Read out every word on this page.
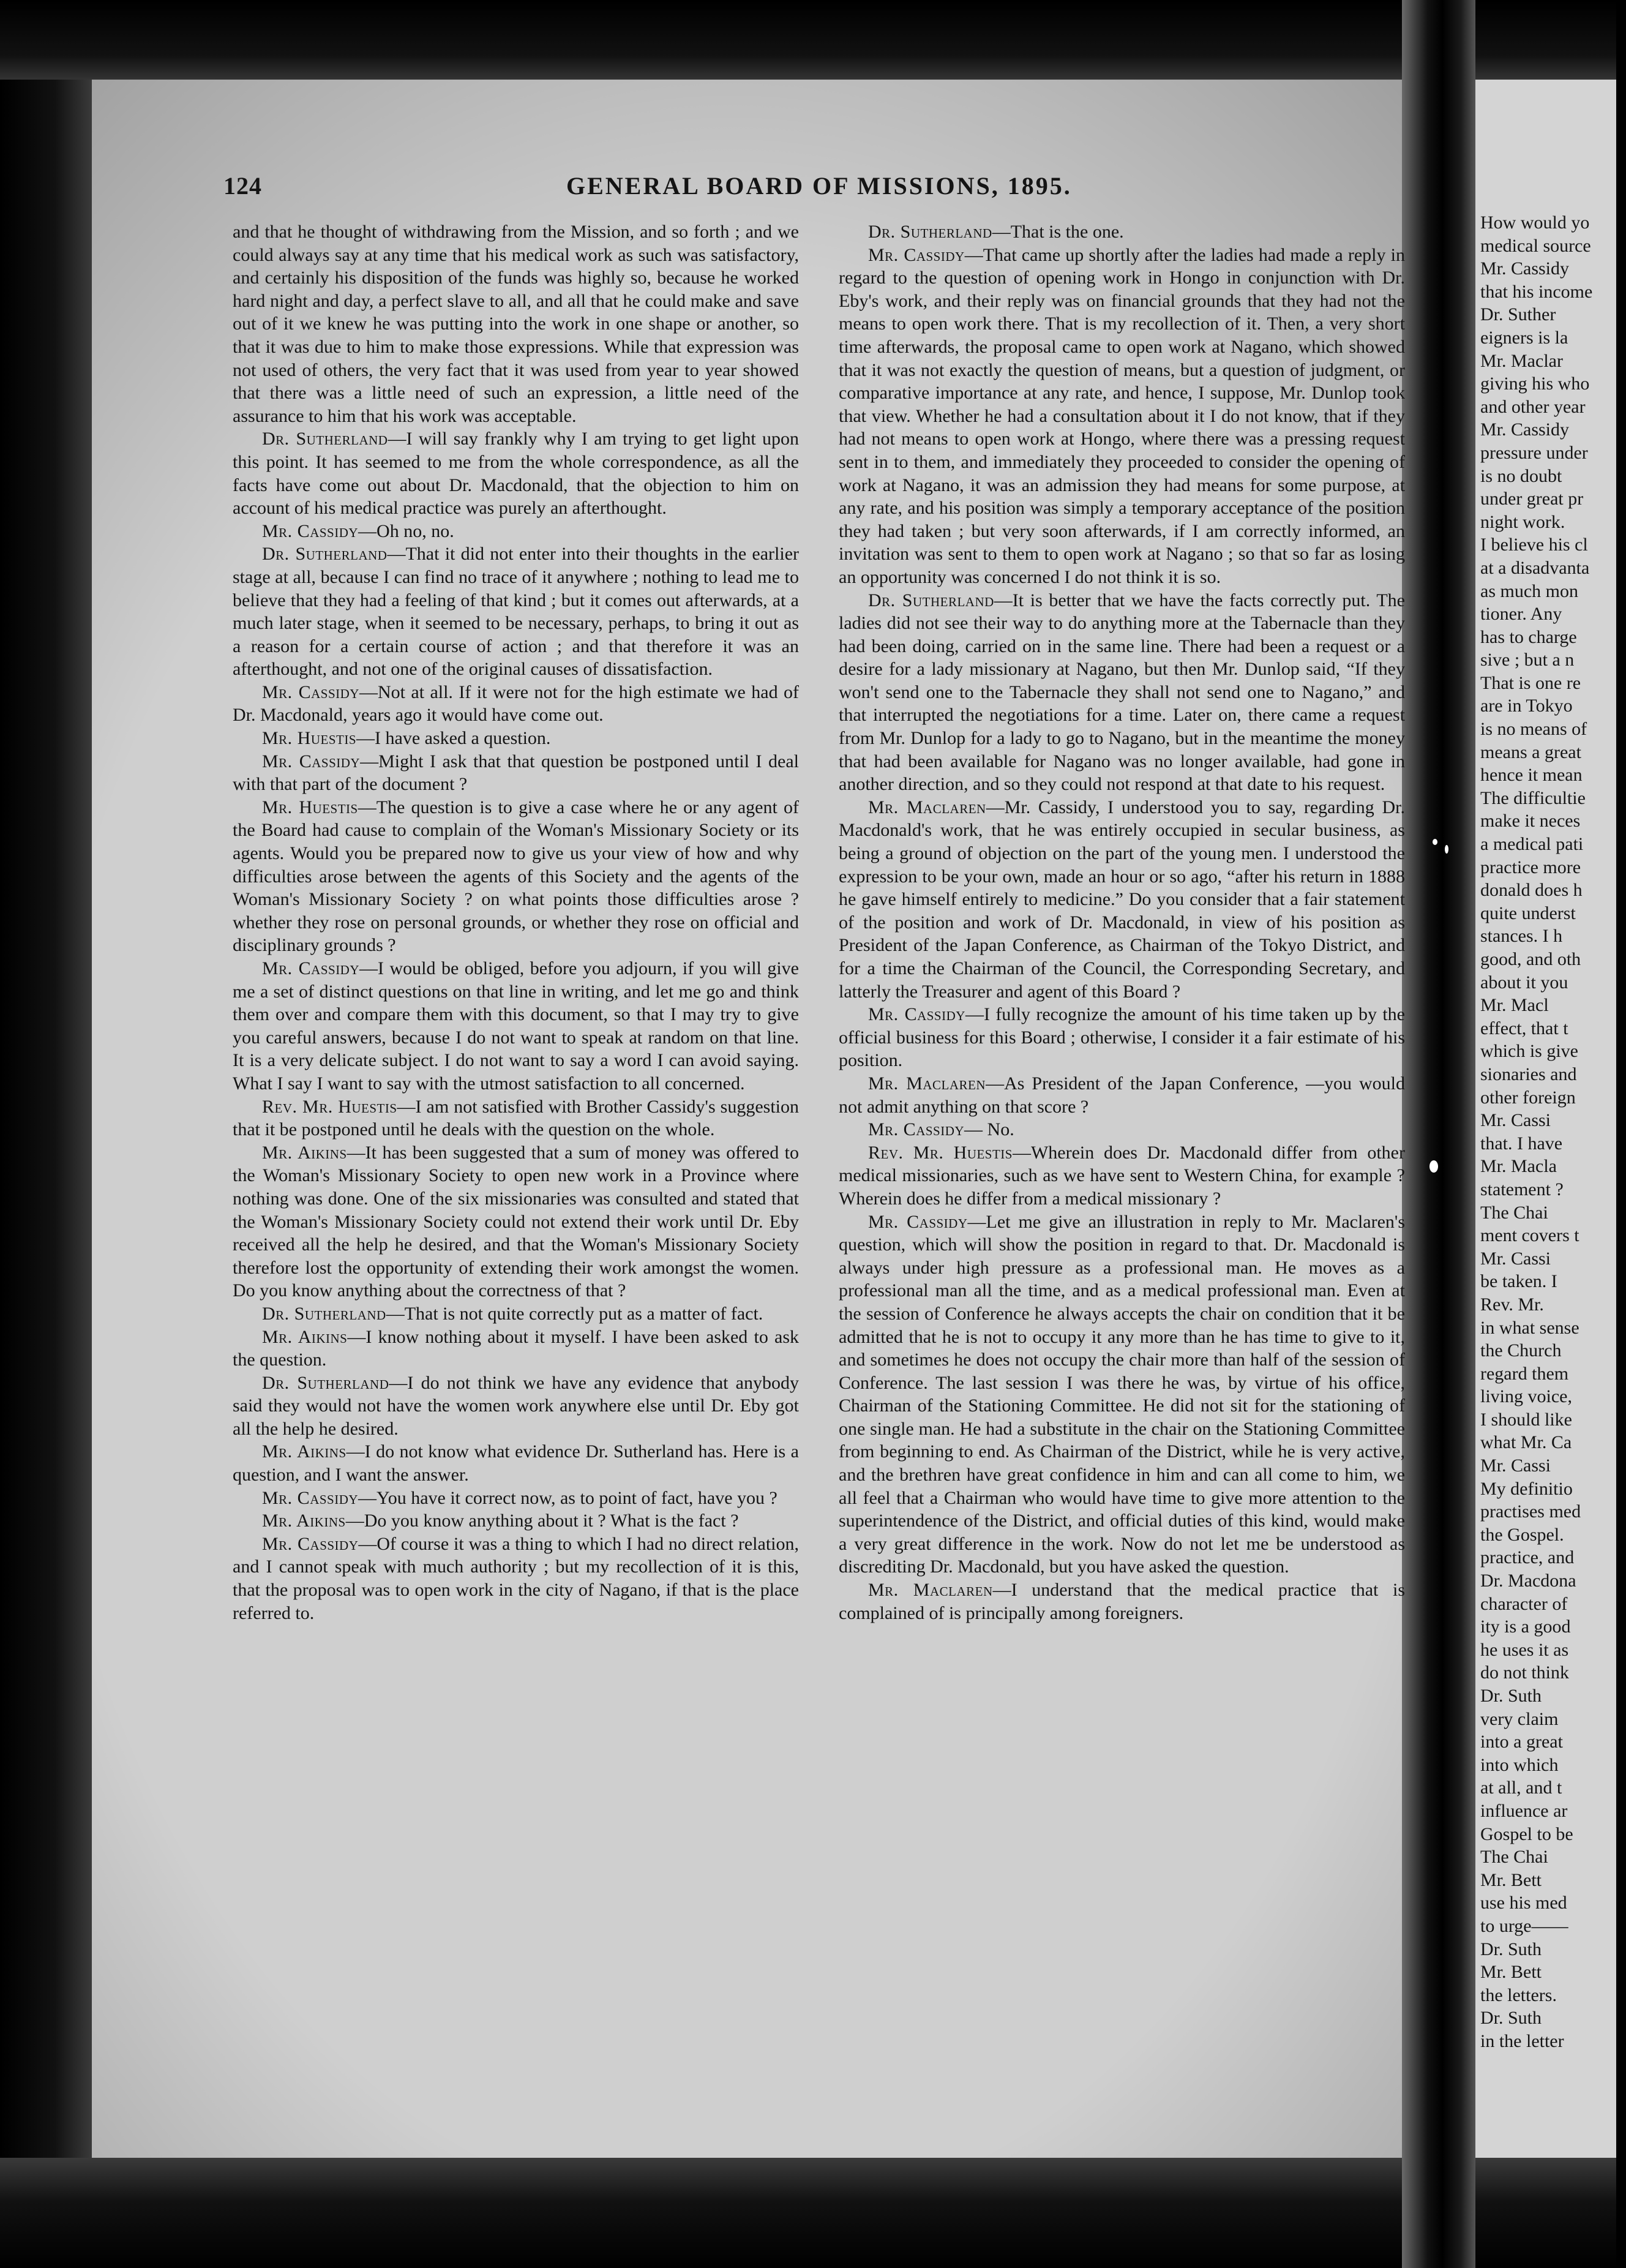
How would yo
medical source
Mr. Cassidy
that his income
Dr. Suther
eigners is la
Mr. Maclar
giving his who
and other year
Mr. Cassidy
pressure under
is no doubt
under great pr
night work.
I believe his cl
at a disadvanta
as much mon
tioner. Any
has to charge
sive ; but a n
That is one re
are in Tokyo
is no means of
means a great
hence it mean
The difficultie
make it neces
a medical pati
practice more
donald does h
quite underst
stances. I h
good, and oth
about it you
Mr. Macl
effect, that t
which is give
sionaries and
other foreign
Mr. Cassi
that. I have
Mr. Macla
statement ?
The Chai
ment covers t
Mr. Cassi
be taken. I
Rev. Mr.
in what sense
the Church
regard them
living voice,
I should like
what Mr. Ca
Mr. Cassi
My definitio
practises med
the Gospel.
practice, and
Dr. Macdona
character of
ity is a good
he uses it as
do not think
Dr. Suth
very claim
into a great
into which
at all, and t
influence ar
Gospel to be
The Chai
Mr. Bett
use his med
to urge——
Dr. Suth
Mr. Bett
the letters.
Dr. Suth
in the letter
124	GENERAL BOARD OF MISSIONS, 1895.

and that he thought of withdrawing from the Mission, and so forth ; and we could always say at any time that his medical work as such was satisfactory, and certainly his disposition of the funds was highly so, because he worked hard night and day, a perfect slave to all, and all that he could make and save out of it we knew he was putting into the work in one shape or another, so that it was due to him to make those expressions. While that expression was not used of others, the very fact that it was used from year to year showed that there was a little need of such an expression, a little need of the assurance to him that his work was acceptable.

Dr. Sutherland—I will say frankly why I am trying to get light upon this point. It has seemed to me from the whole correspondence, as all the facts have come out about Dr. Macdonald, that the objection to him on account of his medical practice was purely an afterthought.

Mr. Cassidy—Oh no, no.

Dr. Sutherland—That it did not enter into their thoughts in the earlier stage at all, because I can find no trace of it anywhere ; nothing to lead me to believe that they had a feeling of that kind ; but it comes out afterwards, at a much later stage, when it seemed to be necessary, perhaps, to bring it out as a reason for a certain course of action ; and that therefore it was an afterthought, and not one of the original causes of dissatisfaction.

Mr. Cassidy—Not at all. If it were not for the high estimate we had of Dr. Macdonald, years ago it would have come out.

Mr. Huestis—I have asked a question.

Mr. Cassidy—Might I ask that that question be postponed until I deal with that part of the document ?

Mr. Huestis—The question is to give a case where he or any agent of the Board had cause to complain of the Woman's Missionary Society or its agents. Would you be prepared now to give us your view of how and why difficulties arose between the agents of this Society and the agents of the Woman's Missionary Society ? on what points those difficulties arose ? whether they rose on personal grounds, or whether they rose on official and disciplinary grounds ?

Mr. Cassidy—I would be obliged, before you adjourn, if you will give me a set of distinct questions on that line in writing, and let me go and think them over and compare them with this document, so that I may try to give you careful answers, because I do not want to speak at random on that line. It is a very delicate subject. I do not want to say a word I can avoid saying. What I say I want to say with the utmost satisfaction to all concerned.

Rev. Mr. Huestis—I am not satisfied with Brother Cassidy's suggestion that it be postponed until he deals with the question on the whole.

Mr. Aikins—It has been suggested that a sum of money was offered to the Woman's Missionary Society to open new work in a Province where nothing was done. One of the six missionaries was consulted and stated that the Woman's Missionary Society could not extend their work until Dr. Eby received all the help he desired, and that the Woman's Missionary Society therefore lost the opportunity of extending their work amongst the women. Do you know anything about the correctness of that ?

Dr. Sutherland—That is not quite correctly put as a matter of fact.

Mr. Aikins—I know nothing about it myself. I have been asked to ask the question.

Dr. Sutherland—I do not think we have any evidence that anybody said they would not have the women work anywhere else until Dr. Eby got all the help he desired.

Mr. Aikins—I do not know what evidence Dr. Sutherland has. Here is a question, and I want the answer.

Mr. Cassidy—You have it correct now, as to point of fact, have you ?

Mr. Aikins—Do you know anything about it ? What is the fact ?

Mr. Cassidy—Of course it was a thing to which I had no direct relation, and I cannot speak with much authority ; but my recollection of it is this, that the proposal was to open work in the city of Nagano, if that is the place referred to.

Dr. Sutherland—That is the one.

Mr. Cassidy—That came up shortly after the ladies had made a reply in regard to the question of opening work in Hongo in conjunction with Dr. Eby's work, and their reply was on financial grounds that they had not the means to open work there. That is my recollection of it. Then, a very short time afterwards, the proposal came to open work at Nagano, which showed that it was not exactly the question of means, but a question of judgment, or comparative importance at any rate, and hence, I suppose, Mr. Dunlop took that view. Whether he had a consultation about it I do not know, that if they had not means to open work at Hongo, where there was a pressing request sent in to them, and immediately they proceeded to consider the opening of work at Nagano, it was an admission they had means for some purpose, at any rate, and his position was simply a temporary acceptance of the position they had taken ; but very soon afterwards, if I am correctly informed, an invitation was sent to them to open work at Nagano ; so that so far as losing an opportunity was concerned I do not think it is so.

Dr. Sutherland—It is better that we have the facts correctly put. The ladies did not see their way to do anything more at the Tabernacle than they had been doing, carried on in the same line. There had been a request or a desire for a lady missionary at Nagano, but then Mr. Dunlop said, “If they won't send one to the Tabernacle they shall not send one to Nagano,” and that interrupted the negotiations for a time. Later on, there came a request from Mr. Dunlop for a lady to go to Nagano, but in the meantime the money that had been available for Nagano was no longer available, had gone in another direction, and so they could not respond at that date to his request.

Mr. Maclaren—Mr. Cassidy, I understood you to say, regarding Dr. Macdonald's work, that he was entirely occupied in secular business, as being a ground of objection on the part of the young men. I understood the expression to be your own, made an hour or so ago, “after his return in 1888 he gave himself entirely to medicine.” Do you consider that a fair statement of the position and work of Dr. Macdonald, in view of his position as President of the Japan Conference, as Chairman of the Tokyo District, and for a time the Chairman of the Council, the Corresponding Secretary, and latterly the Treasurer and agent of this Board ?

Mr. Cassidy—I fully recognize the amount of his time taken up by the official business for this Board ; otherwise, I consider it a fair estimate of his position.

Mr. Maclaren—As President of the Japan Conference, —you would not admit anything on that score ?

Mr. Cassidy— No.

Rev. Mr. Huestis—Wherein does Dr. Macdonald differ from other medical missionaries, such as we have sent to Western China, for example ? Wherein does he differ from a medical missionary ?

Mr. Cassidy—Let me give an illustration in reply to Mr. Maclaren's question, which will show the position in regard to that. Dr. Macdonald is always under high pressure as a professional man. He moves as a professional man all the time, and as a medical professional man. Even at the session of Conference he always accepts the chair on condition that it be admitted that he is not to occupy it any more than he has time to give to it, and sometimes he does not occupy the chair more than half of the session of Conference. The last session I was there he was, by virtue of his office, Chairman of the Stationing Committee. He did not sit for the stationing of one single man. He had a substitute in the chair on the Stationing Committee from beginning to end. As Chairman of the District, while he is very active, and the brethren have great confidence in him and can all come to him, we all feel that a Chairman who would have time to give more attention to the superintendence of the District, and official duties of this kind, would make a very great difference in the work. Now do not let me be understood as discrediting Dr. Macdonald, but you have asked the question.

Mr. Maclaren—I understand that the medical practice that is complained of is principally among foreigners.
